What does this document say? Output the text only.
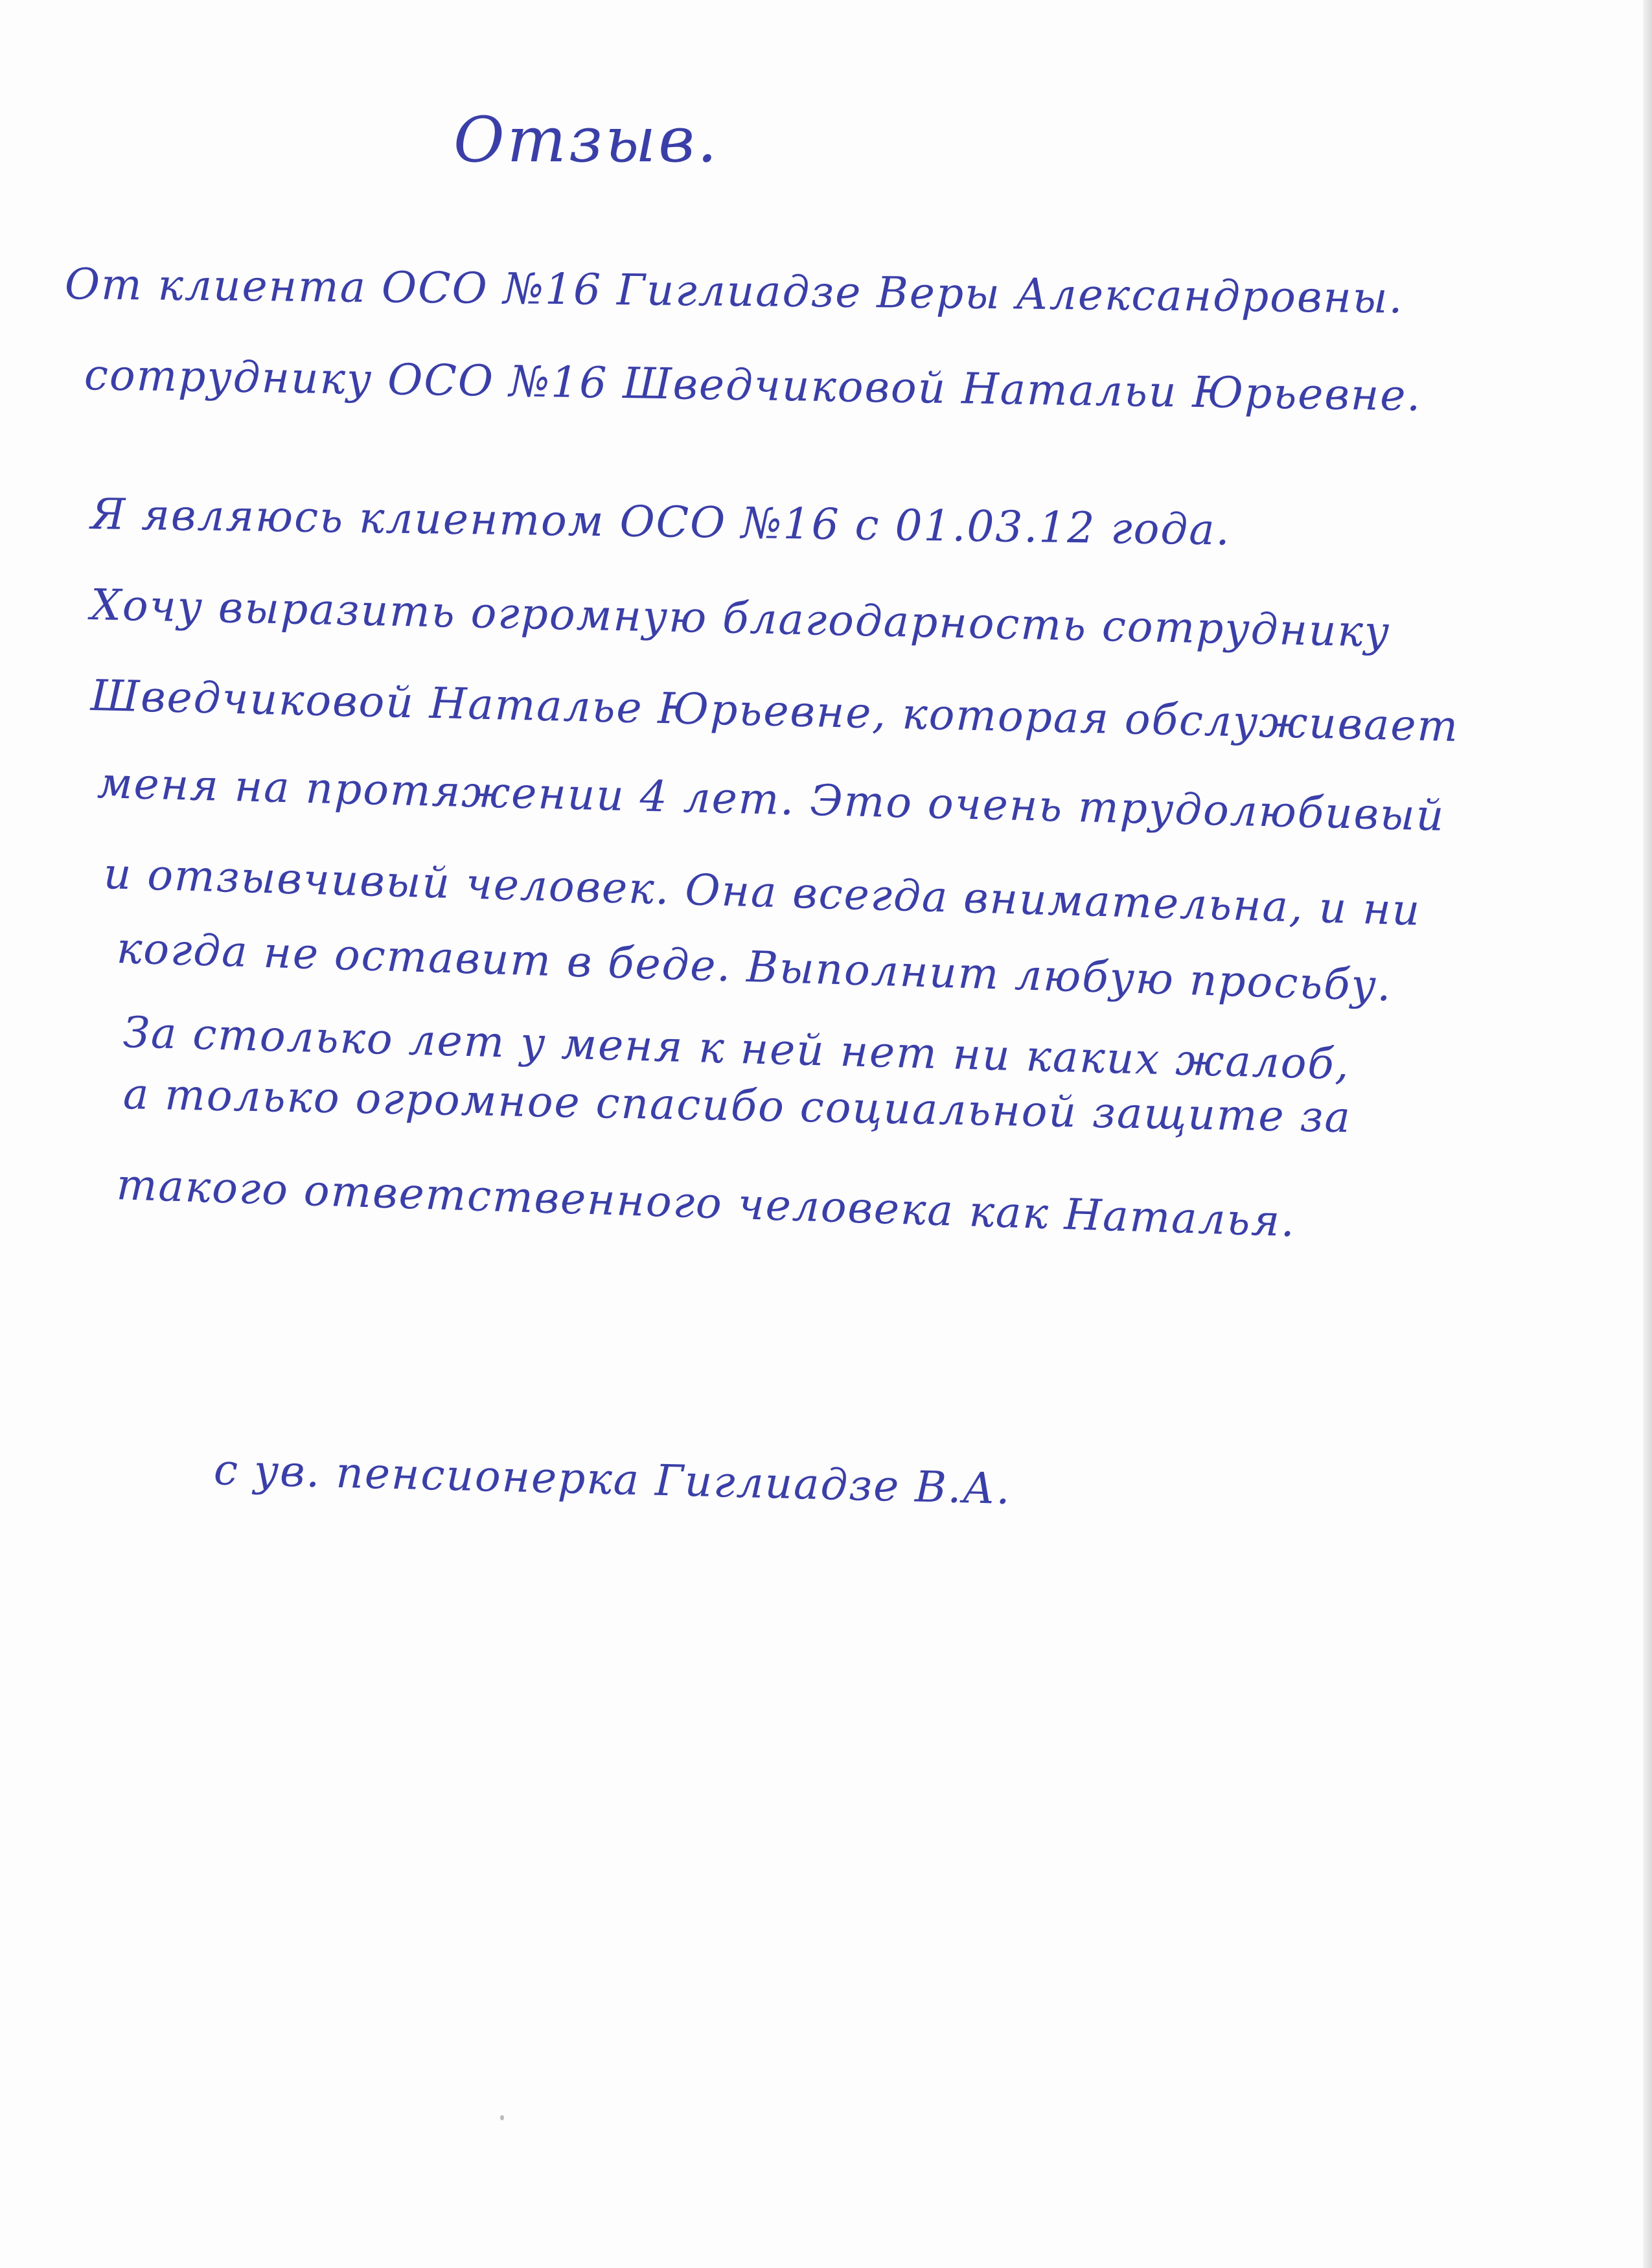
Отзыв.
От клиента ОСО №16 Гиглиадзе Веры Александровны.
сотруднику ОСО №16 Шведчиковой Натальи Юрьевне.
Я являюсь клиентом ОСО №16 с 01.03.12 года.
Хочу выразить огромную благодарность сотруднику
Шведчиковой Наталье Юрьевне, которая обслуживает
меня на протяжении 4 лет. Это очень трудолюбивый
и отзывчивый человек. Она всегда внимательна, и ни
когда не оставит в беде. Выполнит любую просьбу.
За столько лет у меня к ней нет ни каких жалоб,
а только огромное спасибо социальной защите за
такого ответственного человека как Наталья.
с ув. пенсионерка Гиглиадзе В.А.
